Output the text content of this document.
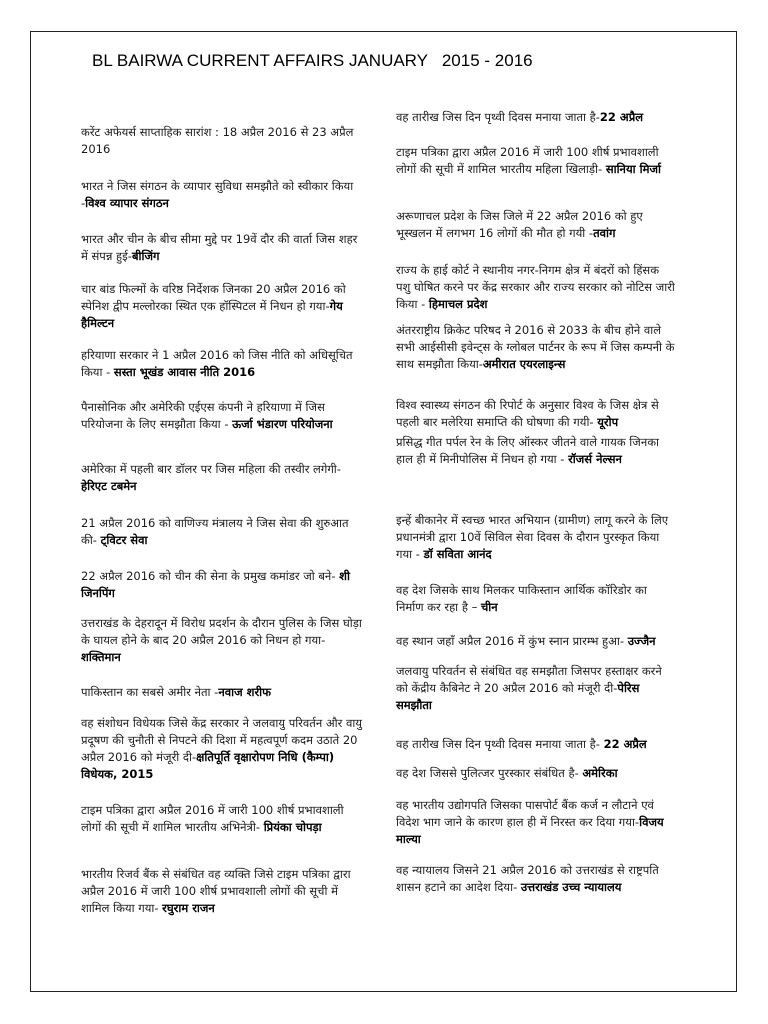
BL BAIRWA CURRENT AFFAIRS JANUARY   2015 - 2016
करेंट अफेयर्स साप्ताहिक सारांश : 18 अप्रैल 2016 से 23 अप्रैल 2016
भारत ने जिस संगठन के व्यापार सुविधा समझौते को स्वीकार किया -विश्व व्यापार संगठन
भारत और चीन के बीच सीमा मुद्दे पर 19वें दौर की वार्ता जिस शहर में संपन्न हुई-बीजिंग
चार बांड फिल्मों के वरिष्ठ निर्देशक जिनका 20 अप्रैल 2016 को स्पेनिश द्वीप मल्लोरका स्थित एक हॉस्पिटल में निधन हो गया-गेय हैमिल्टन
हरियाणा सरकार ने 1 अप्रैल 2016 को जिस नीति को अधिसूचित किया - सस्ता भूखंड आवास नीति 2016
पैनासोनिक और अमेरिकी एईएस कंपनी ने हरियाणा में जिस परियोजना के लिए समझौता किया - ऊर्जा भंडारण परियोजना
अमेरिका में पहली बार डॉलर पर जिस महिला की तस्वीर लगेगी- हेरिएट टबमेन
21 अप्रैल 2016 को वाणिज्य मंत्रालय ने जिस सेवा की शुरुआत की- ट्विटर सेवा
22 अप्रैल 2016 को चीन की सेना के प्रमुख कमांडर जो बने- शी जिनपिंग
उत्तराखंड के देहरादून में विरोध प्रदर्शन के दौरान पुलिस के जिस घोड़ा के घायल होने के बाद 20 अप्रैल 2016 को निधन हो गया- शक्तिमान
पाकिस्तान का सबसे अमीर नेता -नवाज शरीफ
वह संशोधन विधेयक जिसे केंद्र सरकार ने जलवायु परिवर्तन और वायु प्रदूषण की चुनौती से निपटने की दिशा में महत्वपूर्ण कदम उठाते 20 अप्रैल 2016 को मंजूरी दी-क्षतिपूर्ति वृक्षारोपण निधि (कैम्पा) विधेयक, 2015
टाइम पत्रिका द्वारा अप्रैल 2016 में जारी 100 शीर्ष प्रभावशाली लोगों की सूची में शामिल भारतीय अभिनेत्री- प्रियंका चोपड़ा
भारतीय रिजर्व बैंक से संबंधित वह व्यक्ति जिसे टाइम पत्रिका द्वारा अप्रैल 2016 में जारी 100 शीर्ष प्रभावशाली लोगों की सूची में शामिल किया गया- रघुराम राजन
वह तारीख जिस दिन पृथ्वी दिवस मनाया जाता है-22 अप्रैल
टाइम पत्रिका द्वारा अप्रैल 2016 में जारी 100 शीर्ष प्रभावशाली लोगों की सूची में शामिल भारतीय महिला खिलाड़ी- सानिया मिर्जा
अरूणाचल प्रदेश के जिस जिले में 22 अप्रैल 2016 को हुए भूस्खलन में लगभग 16 लोगों की मौत हो गयी -तवांग
राज्य के हाई कोर्ट ने स्थानीय नगर-निगम क्षेत्र में बंदरों को हिंसक पशु घोषित करने पर केंद्र सरकार और राज्य सरकार को नोटिस जारी किया - हिमाचल प्रदेश
अंतरराष्ट्रीय क्रिकेट परिषद ने 2016 से 2033 के बीच होने वाले सभी आईसीसी इवेन्ट्स के ग्लोबल पार्टनर के रूप में जिस कम्पनी के साथ समझौता किया-अमीरात एयरलाइन्स
विश्व स्वास्थ्य संगठन की रिपोर्ट के अनुसार विश्व के जिस क्षेत्र से पहली बार मलेरिया समाप्ति की घोषणा की गयी- यूरोप
प्रसिद्ध गीत पर्पल रेन के लिए ऑस्कर जीतने वाले गायक जिनका हाल ही में मिनीपोलिस में निधन हो गया - रॉजर्स नेल्सन
इन्हें बीकानेर में स्वच्छ भारत अभियान (ग्रामीण) लागू करने के लिए प्रधानमंत्री द्वारा 10वें सिविल सेवा दिवस के दौरान पुरस्कृत किया गया - डॉ सविता आनंद
वह देश जिसके साथ मिलकर पाकिस्तान आर्थिक कॉरिडोर का निर्माण कर रहा है – चीन
वह स्थान जहाँ अप्रैल 2016 में कुंभ स्नान प्रारम्भ हुआ- उज्जैन
जलवायु परिवर्तन से संबंधित वह समझौता जिसपर हस्ताक्षर करने को केंद्रीय कैबिनेट ने 20 अप्रैल 2016 को मंजूरी दी-पेरिस समझौता
वह तारीख जिस दिन पृथ्वी दिवस मनाया जाता है- 22 अप्रैल
वह देश जिससे पुलित्जर पुरस्कार संबंधित है- अमेरिका
वह भारतीय उद्योगपति जिसका पासपोर्ट बैंक कर्ज न लौटाने एवं विदेश भाग जाने के कारण हाल ही में निरस्त कर दिया गया-विजय माल्या
वह न्यायालय जिसने 21 अप्रैल 2016 को उत्तराखंड से राष्ट्रपति शासन हटाने का आदेश दिया- उत्तराखंड उच्च न्यायालय
